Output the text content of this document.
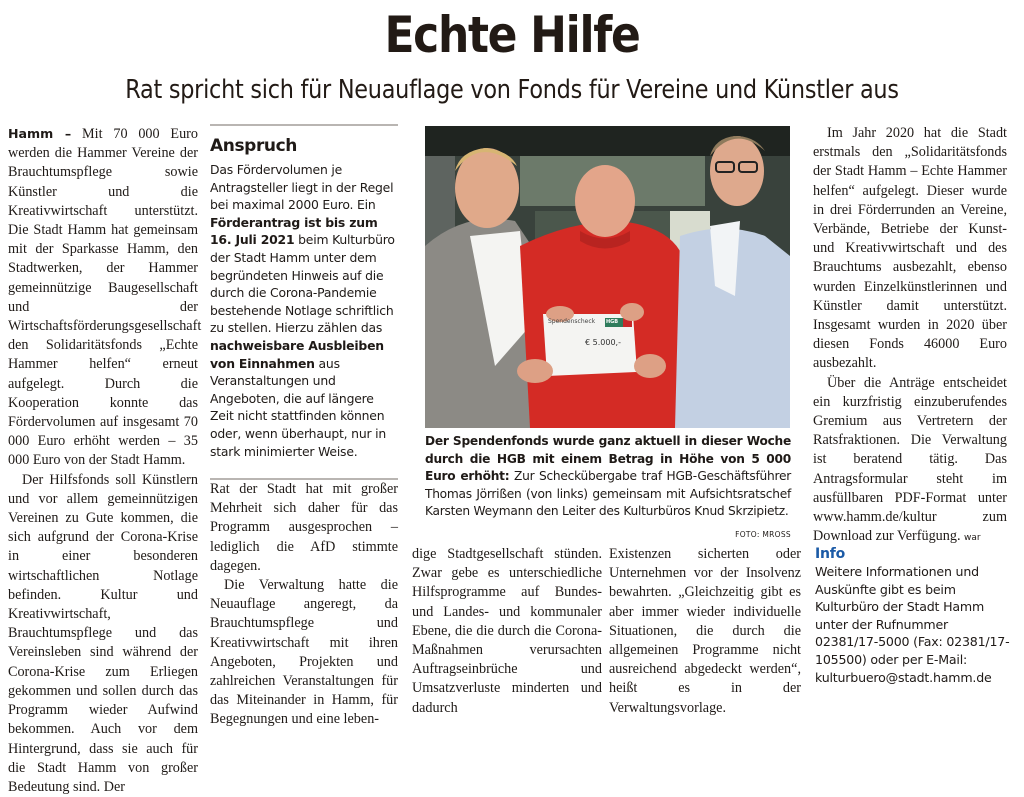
Echte Hilfe
Rat spricht sich für Neuauflage von Fonds für Vereine und Künstler aus

Hamm – Mit 70 000 Euro werden die Hammer Vereine der Brauchtumspflege sowie Künstler und die Kreativwirtschaft unterstützt. Die Stadt Hamm hat gemeinsam mit der Sparkasse Hamm, den Stadtwerken, der Hammer gemeinnützige Baugesellschaft und der Wirtschaftsförderungsgesellschaft den Solidaritätsfonds „Echte Hammer helfen“ erneut aufgelegt. Durch die Kooperation konnte das Fördervolumen auf insgesamt 70 000 Euro erhöht werden – 35 000 Euro von der Stadt Hamm.

Der Hilfsfonds soll Künstlern und vor allem gemeinnützigen Vereinen zu Gute kommen, die sich aufgrund der Corona-Krise in einer besonderen wirtschaftlichen Notlage befinden. Kultur und Kreativwirtschaft, Brauchtumspflege und das Vereinsleben sind während der Corona-Krise zum Erliegen gekommen und sollen durch das Programm wieder Aufwind bekommen. Auch vor dem Hintergrund, dass sie auch für die Stadt Hamm von großer Bedeutung sind. Der

Anspruch
Das Fördervolumen je Antragsteller liegt in der Regel bei maximal 2000 Euro. Ein Förderantrag ist bis zum 16. Juli 2021 beim Kulturbüro der Stadt Hamm unter dem begründeten Hinweis auf die durch die Corona-Pandemie bestehende Notlage schriftlich zu stellen. Hierzu zählen das nachweisbare Ausbleiben von Einnahmen aus Veranstaltungen und Angeboten, die auf längere Zeit nicht stattfinden können oder, wenn überhaupt, nur in stark minimierter Weise.

Rat der Stadt hat mit großer Mehrheit sich daher für das Programm ausgesprochen – lediglich die AfD stimmte dagegen.

Die Verwaltung hatte die Neuauflage angeregt, da Brauchtumspflege und Kreativwirtschaft mit ihren Angeboten, Projekten und zahlreichen Veranstaltungen für das Miteinander in Hamm, für Begegnungen und eine leben-

Spendenscheck HGB
€ 5.000,-
Der Spendenfonds wurde ganz aktuell in dieser Woche durch die HGB mit einem Betrag in Höhe von 5 000 Euro erhöht: Zur Scheckübergabe traf HGB-Geschäftsführer Thomas Jörrißen (von links) gemeinsam mit Aufsichtsratschef Karsten Weymann den Leiter des Kulturbüros Knud Skrzipietz.
FOTO: MROSS

dige Stadtgesellschaft stünden. Zwar gebe es unterschiedliche Hilfsprogramme auf Bundes- und Landes- und kommunaler Ebene, die die durch die Corona-Maßnahmen verursachten Auftragseinbrüche und Umsatzverluste minderten und dadurch

Existenzen sicherten oder Unternehmen vor der Insolvenz bewahrten. „Gleichzeitig gibt es aber immer wieder individuelle Situationen, die durch die allgemeinen Programme nicht ausreichend abgedeckt werden“, heißt es in der Verwaltungsvorlage.

Im Jahr 2020 hat die Stadt erstmals den „Solidaritätsfonds der Stadt Hamm – Echte Hammer helfen“ aufgelegt. Dieser wurde in drei Förderrunden an Vereine, Verbände, Betriebe der Kunst- und Kreativwirtschaft und des Brauchtums ausbezahlt, ebenso wurden Einzelkünstlerinnen und Künstler damit unterstützt. Insgesamt wurden in 2020 über diesen Fonds 46000 Euro ausbezahlt.

Über die Anträge entscheidet ein kurzfristig einzuberufendes Gremium aus Vertretern der Ratsfraktionen. Die Verwaltung ist beratend tätig. Das Antragsformular steht im ausfüllbaren PDF-Format unter www.hamm.de/kultur zum Download zur Verfügung. war

Info
Weitere Informationen und Auskünfte gibt es beim Kulturbüro der Stadt Hamm unter der Rufnummer 02381/17-5000 (Fax: 02381/17-105500) oder per E-Mail: kulturbuero@stadt.hamm.de
